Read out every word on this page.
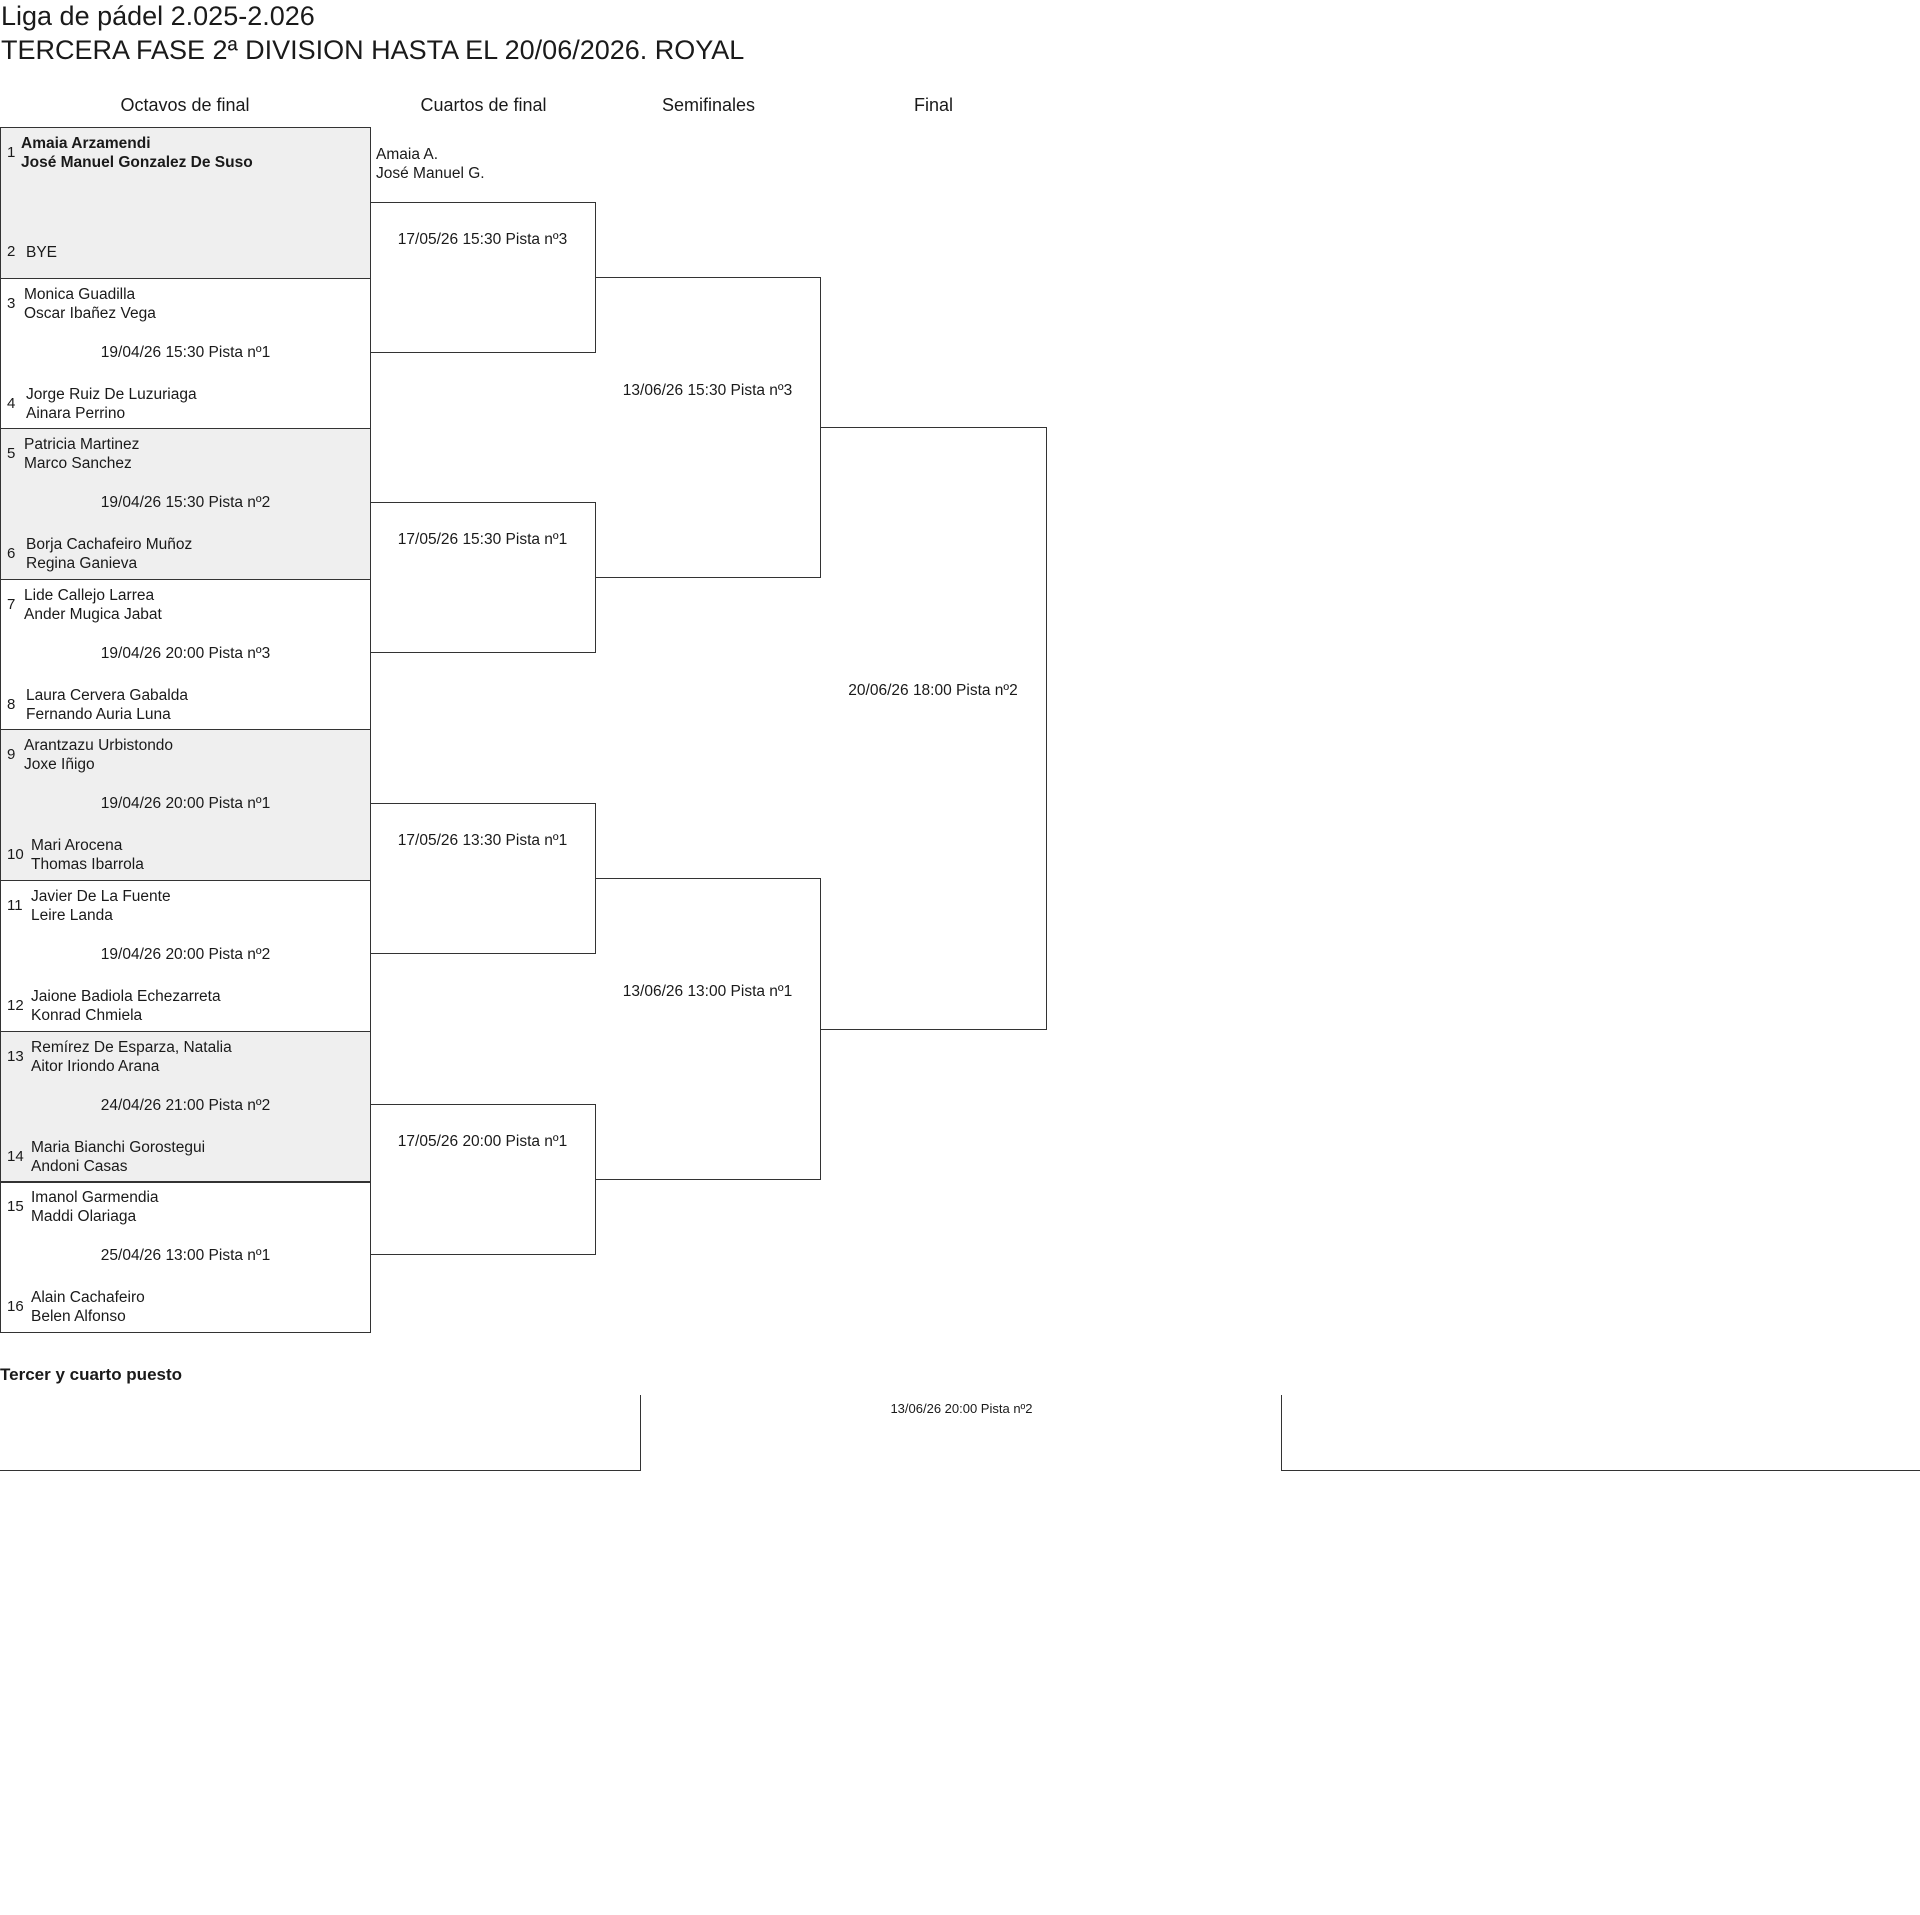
Liga de pádel 2.025-2.026
TERCERA FASE 2ª DIVISION HASTA EL 20/06/2026. ROYAL
Octavos de final	Cuartos de final	Semifinales	Final
1
Amaia Arzamendi
José Manuel Gonzalez De Suso
2 BYE
3
Monica Guadilla
Oscar Ibañez Vega
19/04/26 15:30 Pista nº1
4
Jorge Ruiz De Luzuriaga
Ainara Perrino
5
Patricia Martinez
Marco Sanchez
19/04/26 15:30 Pista nº2
6
Borja Cachafeiro Muñoz
Regina Ganieva
7
Lide Callejo Larrea
Ander Mugica Jabat
19/04/26 20:00 Pista nº3
8
Laura Cervera Gabalda
Fernando Auria Luna
9
Arantzazu Urbistondo
Joxe Iñigo
19/04/26 20:00 Pista nº1
10
Mari Arocena
Thomas Ibarrola
11
Javier De La Fuente
Leire Landa
19/04/26 20:00 Pista nº2
12
Jaione Badiola Echezarreta
Konrad Chmiela
13
Remírez De Esparza, Natalia
Aitor Iriondo Arana
24/04/26 21:00 Pista nº2
14
Maria Bianchi Gorostegui
Andoni Casas
15
Imanol Garmendia
Maddi Olariaga
25/04/26 13:00 Pista nº1
16
Alain Cachafeiro
Belen Alfonso
Amaia A.
José Manuel G.
17/05/26 15:30 Pista nº3
17/05/26 15:30 Pista nº1
17/05/26 13:30 Pista nº1
17/05/26 20:00 Pista nº1
13/06/26 15:30 Pista nº3
13/06/26 13:00 Pista nº1
20/06/26 18:00 Pista nº2
Tercer y cuarto puesto
13/06/26 20:00 Pista nº2
